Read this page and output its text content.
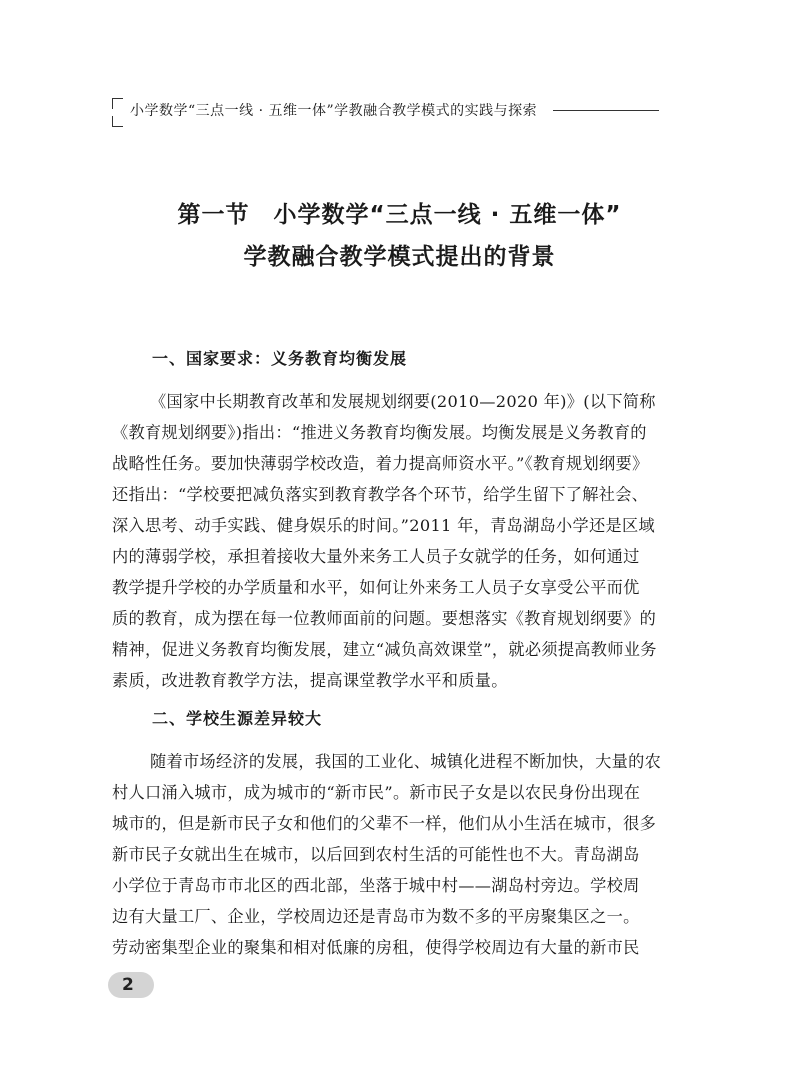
小学数学“三点一线 · 五维一体”学教融合教学模式的实践与探索
第一节　小学数学“三点一线 · 五维一体”
学教融合教学模式提出的背景
一、国家要求：义务教育均衡发展
《国家中长期教育改革和发展规划纲要(2010—2020 年)》(以下简称
《教育规划纲要》)指出：“推进义务教育均衡发展。均衡发展是义务教育的
战略性任务。要加快薄弱学校改造，着力提高师资水平。”《教育规划纲要》
还指出：“学校要把减负落实到教育教学各个环节，给学生留下了解社会、
深入思考、动手实践、健身娱乐的时间。”2011 年，青岛湖岛小学还是区域
内的薄弱学校，承担着接收大量外来务工人员子女就学的任务，如何通过
教学提升学校的办学质量和水平，如何让外来务工人员子女享受公平而优
质的教育，成为摆在每一位教师面前的问题。要想落实《教育规划纲要》的
精神，促进义务教育均衡发展，建立“减负高效课堂”，就必须提高教师业务
素质，改进教育教学方法，提高课堂教学水平和质量。
二、学校生源差异较大
随着市场经济的发展，我国的工业化、城镇化进程不断加快，大量的农
村人口涌入城市，成为城市的“新市民”。新市民子女是以农民身份出现在
城市的，但是新市民子女和他们的父辈不一样，他们从小生活在城市，很多
新市民子女就出生在城市，以后回到农村生活的可能性也不大。青岛湖岛
小学位于青岛市市北区的西北部，坐落于城中村——湖岛村旁边。学校周
边有大量工厂、企业，学校周边还是青岛市为数不多的平房聚集区之一。
劳动密集型企业的聚集和相对低廉的房租，使得学校周边有大量的新市民
2
